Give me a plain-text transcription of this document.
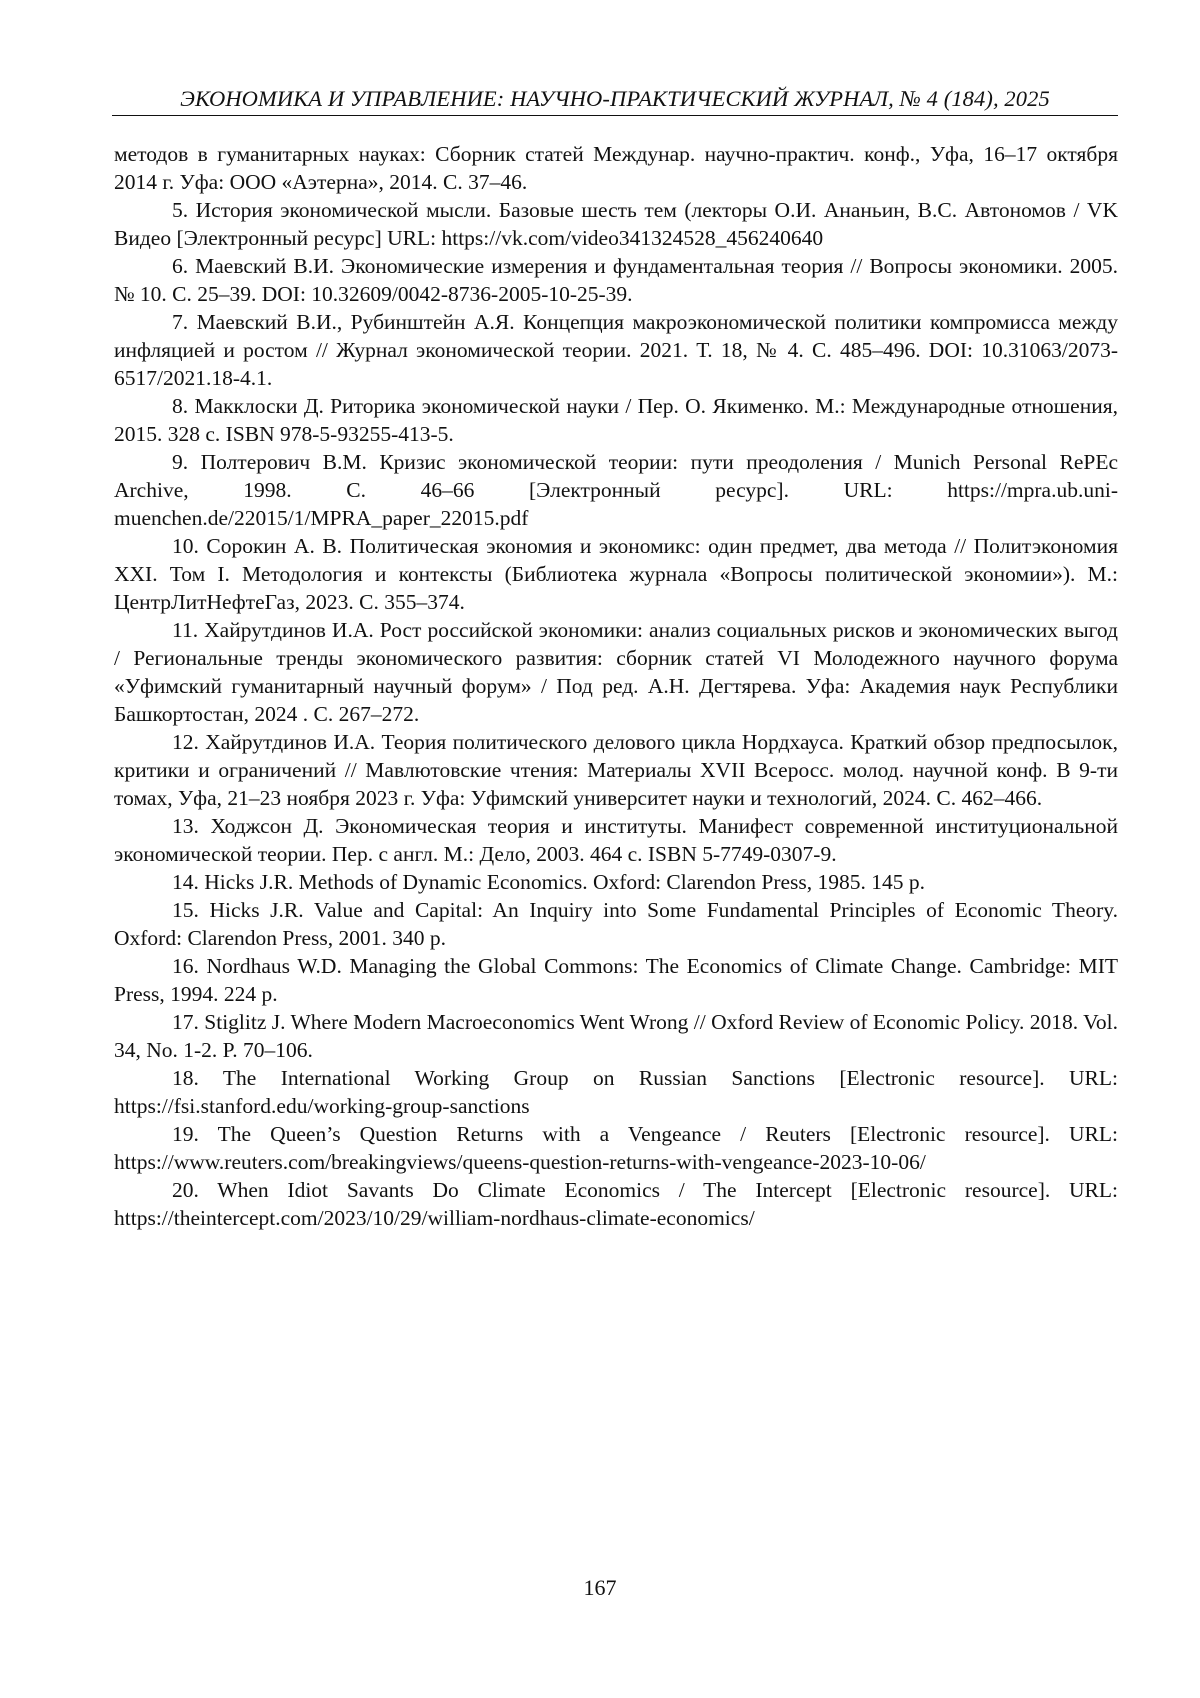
ЭКОНОМИКА И УПРАВЛЕНИЕ: НАУЧНО-ПРАКТИЧЕСКИЙ ЖУРНАЛ, № 4 (184), 2025

методов в гуманитарных науках: Сборник статей Междунар. научно-практич. конф., Уфа, 16–17 октября 2014 г. Уфа: ООО «Аэтерна», 2014. С. 37–46.

5. История экономической мысли. Базовые шесть тем (лекторы О.И. Ананьин, В.С. Автономов / VK Видео [Электронный ресурс] URL: https://vk.com/video341324528_456240640

6. Маевский В.И. Экономические измерения и фундаментальная теория // Вопросы экономики. 2005. № 10. С. 25–39. DOI: 10.32609/0042-8736-2005-10-25-39.

7. Маевский В.И., Рубинштейн А.Я. Концепция макроэкономической политики компромисса между инфляцией и ростом // Журнал экономической теории. 2021. Т. 18, № 4. С. 485–496. DOI: 10.31063/2073-6517/2021.18-4.1.

8. Макклоски Д. Риторика экономической науки / Пер. О. Якименко. М.: Международные отношения, 2015. 328 с. ISBN 978-5-93255-413-5.

9. Полтерович В.М. Кризис экономической теории: пути преодоления / Munich Personal RePEc Archive, 1998. С. 46–66 [Электронный ресурс]. URL: https://mpra.ub.uni-muenchen.de/22015/1/MPRA_paper_22015.pdf

10. Сорокин А. В. Политическая экономия и экономикс: один предмет, два метода // Политэкономия XXI. Том I. Методология и контексты (Библиотека журнала «Вопросы политической экономии»). М.: ЦентрЛитНефтеГаз, 2023. С. 355–374.

11. Хайрутдинов И.А. Рост российской экономики: анализ социальных рисков и экономических выгод / Региональные тренды экономического развития: сборник статей VI Молодежного научного форума «Уфимский гуманитарный научный форум» / Под ред. А.Н. Дегтярева. Уфа: Академия наук Республики Башкортостан, 2024 . С. 267–272.

12. Хайрутдинов И.А. Теория политического делового цикла Нордхауса. Краткий обзор предпосылок, критики и ограничений // Мавлютовские чтения: Материалы XVII Всеросс. молод. научной конф. В 9-ти томах, Уфа, 21–23 ноября 2023 г. Уфа: Уфимский университет науки и технологий, 2024. С. 462–466.

13. Ходжсон Д. Экономическая теория и институты. Манифест современной институциональной экономической теории. Пер. с англ. М.: Дело, 2003. 464 с. ISBN 5-7749-0307-9.

14. Hicks J.R. Methods of Dynamic Economics. Oxford: Clarendon Press, 1985. 145 p.

15. Hicks J.R. Value and Capital: An Inquiry into Some Fundamental Principles of Economic Theory. Oxford: Clarendon Press, 2001. 340 p.

16. Nordhaus W.D. Managing the Global Commons: The Economics of Climate Change. Cambridge: MIT Press, 1994. 224 p.

17. Stiglitz J. Where Modern Macroeconomics Went Wrong // Oxford Review of Economic Policy. 2018. Vol. 34, No. 1-2. P. 70–106.

18. The International Working Group on Russian Sanctions [Electronic resource]. URL: https://fsi.stanford.edu/working-group-sanctions

19. The Queen’s Question Returns with a Vengeance / Reuters [Electronic resource]. URL: https://www.reuters.com/breakingviews/queens-question-returns-with-vengeance-2023-10-06/

20. When Idiot Savants Do Climate Economics / The Intercept [Electronic resource]. URL: https://theintercept.com/2023/10/29/william-nordhaus-climate-economics/

167
